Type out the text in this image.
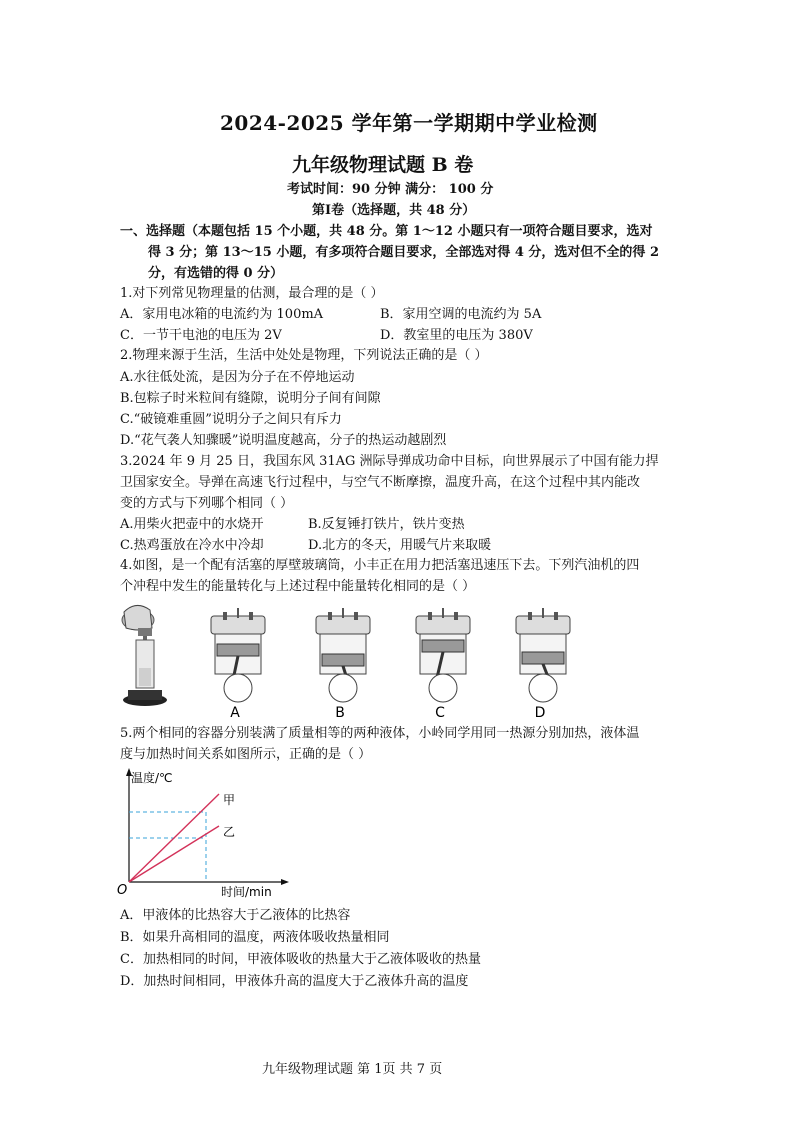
2024-2025 学年第一学期期中学业检测
九年级物理试题 B 卷
考试时间：90 分钟 满分： 100 分
第Ⅰ卷（选择题，共 48 分）
一、选择题（本题包括 15 个小题，共 48 分。第 1～12 小题只有一项符合题目要求，选对
得 3 分；第 13～15 小题，有多项符合题目要求，全部选对得 4 分，选对但不全的得 2
分，有选错的得 0 分）
1.对下列常见物理量的估测，最合理的是（ ）
A．家用电冰箱的电流约为 100mA	B．家用空调的电流约为 5A
C．一节干电池的电压为 2V	D．教室里的电压为 380V
2.物理来源于生活，生活中处处是物理，下列说法正确的是（ ）
A.水往低处流，是因为分子在不停地运动
B.包粽子时米粒间有缝隙，说明分子间有间隙
C.“破镜难重圆”说明分子之间只有斥力
D.“花气袭人知骤暖”说明温度越高，分子的热运动越剧烈
3.2024 年 9 月 25 日，我国东风 31AG 洲际导弹成功命中目标，向世界展示了中国有能力捍
卫国家安全。导弹在高速飞行过程中，与空气不断摩擦，温度升高，在这个过程中其内能改
变的方式与下列哪个相同（ ）
A.用柴火把壶中的水烧开	B.反复锤打铁片，铁片变热
C.热鸡蛋放在冷水中冷却	D.北方的冬天，用暖气片来取暖
4.如图，是一个配有活塞的厚壁玻璃筒，小丰正在用力把活塞迅速压下去。下列汽油机的四
个冲程中发生的能量转化与上述过程中能量转化相同的是（ ）
A	B	C	D
5.两个相同的容器分别装满了质量相等的两种液体，小岭同学用同一热源分别加热，液体温
度与加热时间关系如图所示，正确的是（ ）
温度/℃
时间/min
O
甲
乙
A．甲液体的比热容大于乙液体的比热容
B．如果升高相同的温度，两液体吸收热量相同
C．加热相同的时间，甲液体吸收的热量大于乙液体吸收的热量
D．加热时间相同，甲液体升高的温度大于乙液体升高的温度
九年级物理试题 第 1页 共 7 页
